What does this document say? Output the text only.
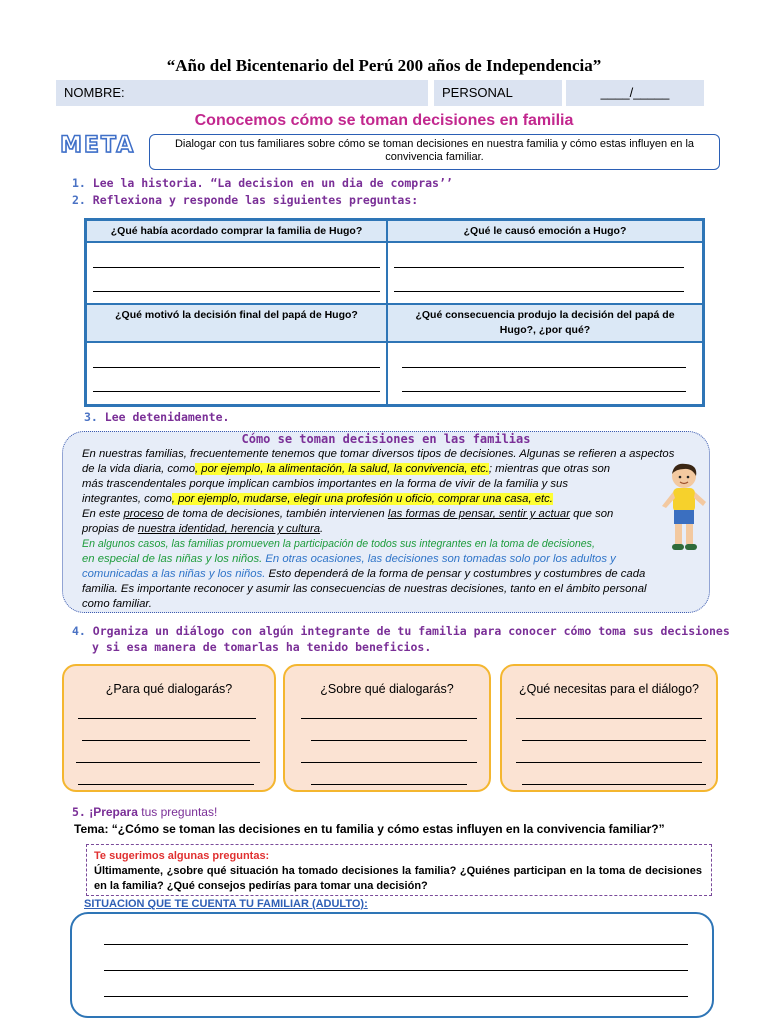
“Año del Bicentenario del Perú 200 años de Independencia”
NOMBRE:	PERSONAL	____/_____
Conocemos cómo se toman decisiones en familia
META	Dialogar con tus familiares sobre cómo se toman decisiones en nuestra familia y cómo estas influyen en la convivencia familiar.
1. Lee la historia. “La decision en un dia de compras’’
2. Reflexiona y responde las siguientes preguntas:
¿Qué había acordado comprar la familia de Hugo?	¿Qué le causó emoción a Hugo?
¿Qué motivó la decisión final del papá de Hugo?	¿Qué consecuencia produjo la decisión del papá de
Hugo?, ¿por qué?
3. Lee detenidamente.
Cómo se toman decisiones en las familias
En nuestras familias, frecuentemente tenemos que tomar diversos tipos de decisiones. Algunas se refieren a aspectos
de la vida diaria, como, por ejemplo, la alimentación, la salud, la convivencia, etc.; mientras que otras son
más trascendentales porque implican cambios importantes en la forma de vivir de la familia y sus
integrantes, como, por ejemplo, mudarse, elegir una profesión u oficio, comprar una casa, etc.
En este proceso de toma de decisiones, también intervienen las formas de pensar, sentir y actuar que son
propias de nuestra identidad, herencia y cultura.
En algunos casos, las familias promueven la participación de todos sus integrantes en la toma de decisiones,
en especial de las niñas y los niños. En otras ocasiones, las decisiones son tomadas solo por los adultos y
comunicadas a las niñas y los niños. Esto dependerá de la forma de pensar y costumbres y costumbres de cada
familia. Es importante reconocer y asumir las consecuencias de nuestras decisiones, tanto en el ámbito personal
como familiar.
4. Organiza un diálogo con algún integrante de tu familia para conocer cómo toma sus decisiones
y si esa manera de tomarlas ha tenido beneficios.
¿Para qué dialogarás?	¿Sobre qué dialogarás?	¿Qué necesitas para el diálogo?
5. ¡Prepara tus preguntas!
Tema: “¿Cómo se toman las decisiones en tu familia y cómo estas influyen en la convivencia familiar?”
Te sugerimos algunas preguntas:
Últimamente, ¿sobre qué situación ha tomado decisiones la familia? ¿Quiénes participan en la toma de decisiones en la familia? ¿Qué consejos pedirías para tomar una decisión?
SITUACION QUE TE CUENTA TU FAMILIAR (ADULTO):
